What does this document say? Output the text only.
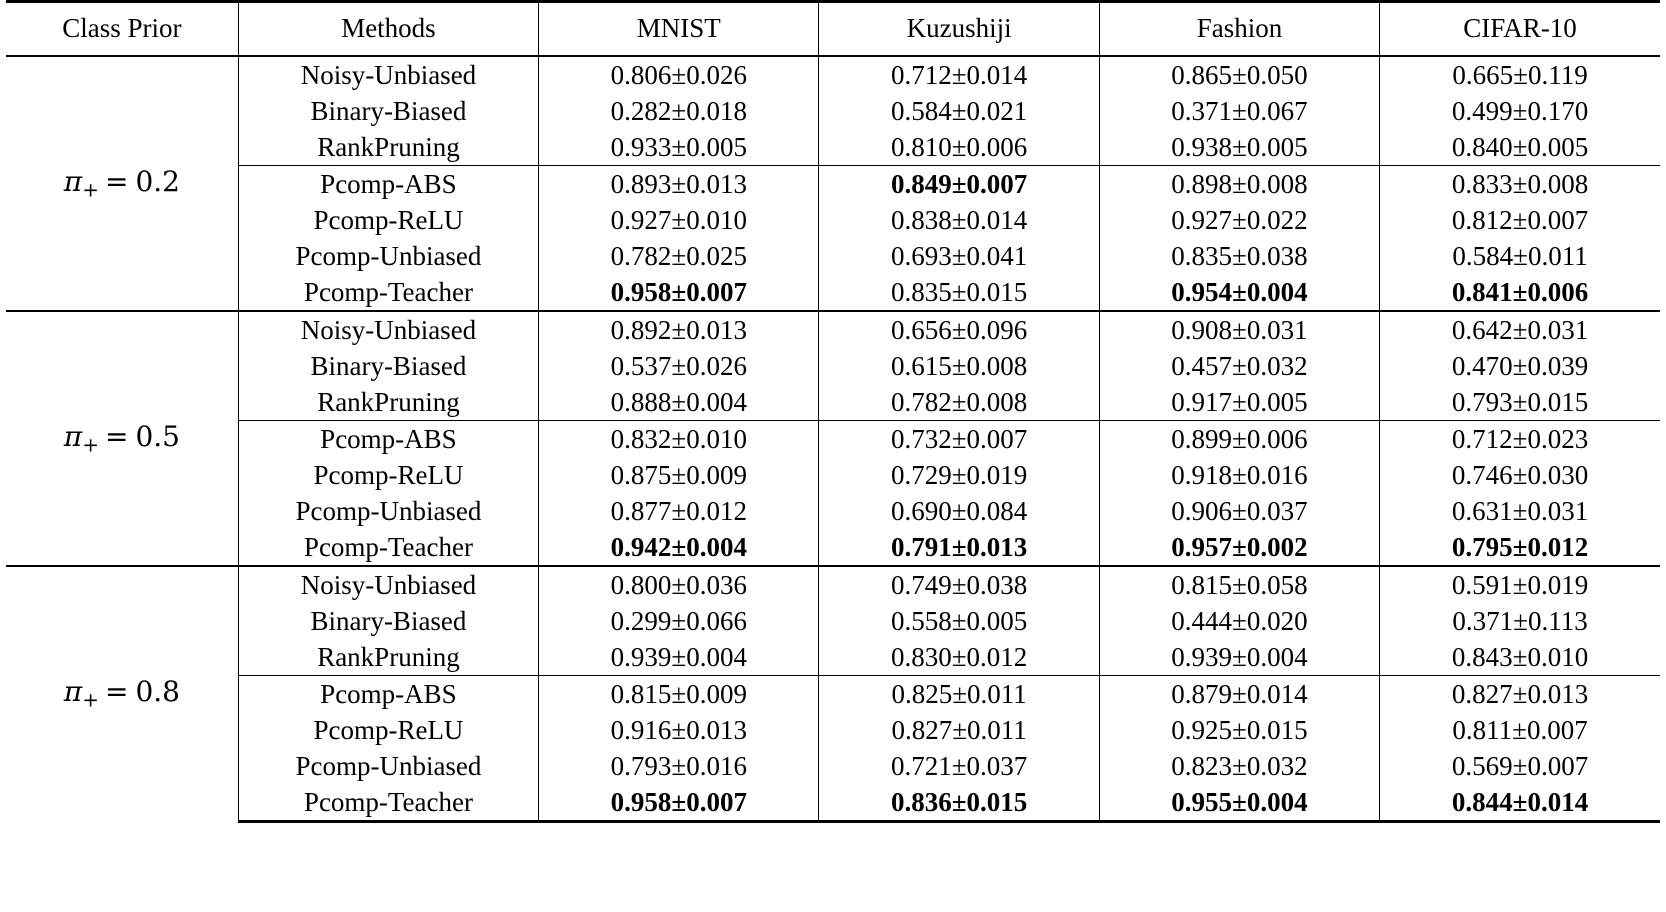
Class Prior	Methods	MNIST	Kuzushiji	Fashion	CIFAR-10
$\pi_+ = 0.2$	Noisy-Unbiased	0.806±0.026	0.712±0.014	0.865±0.050	0.665±0.119
	Binary-Biased	0.282±0.018	0.584±0.021	0.371±0.067	0.499±0.170
	RankPruning	0.933±0.005	0.810±0.006	0.938±0.005	0.840±0.005
	Pcomp-ABS	0.893±0.013	0.849±0.007	0.898±0.008	0.833±0.008
	Pcomp-ReLU	0.927±0.010	0.838±0.014	0.927±0.022	0.812±0.007
	Pcomp-Unbiased	0.782±0.025	0.693±0.041	0.835±0.038	0.584±0.011
	Pcomp-Teacher	0.958±0.007	0.835±0.015	0.954±0.004	0.841±0.006
$\pi_+ = 0.5$	Noisy-Unbiased	0.892±0.013	0.656±0.096	0.908±0.031	0.642±0.031
	Binary-Biased	0.537±0.026	0.615±0.008	0.457±0.032	0.470±0.039
	RankPruning	0.888±0.004	0.782±0.008	0.917±0.005	0.793±0.015
	Pcomp-ABS	0.832±0.010	0.732±0.007	0.899±0.006	0.712±0.023
	Pcomp-ReLU	0.875±0.009	0.729±0.019	0.918±0.016	0.746±0.030
	Pcomp-Unbiased	0.877±0.012	0.690±0.084	0.906±0.037	0.631±0.031
	Pcomp-Teacher	0.942±0.004	0.791±0.013	0.957±0.002	0.795±0.012
$\pi_+ = 0.8$	Noisy-Unbiased	0.800±0.036	0.749±0.038	0.815±0.058	0.591±0.019
	Binary-Biased	0.299±0.066	0.558±0.005	0.444±0.020	0.371±0.113
	RankPruning	0.939±0.004	0.830±0.012	0.939±0.004	0.843±0.010
	Pcomp-ABS	0.815±0.009	0.825±0.011	0.879±0.014	0.827±0.013
	Pcomp-ReLU	0.916±0.013	0.827±0.011	0.925±0.015	0.811±0.007
	Pcomp-Unbiased	0.793±0.016	0.721±0.037	0.823±0.032	0.569±0.007
	Pcomp-Teacher	0.958±0.007	0.836±0.015	0.955±0.004	0.844±0.014
